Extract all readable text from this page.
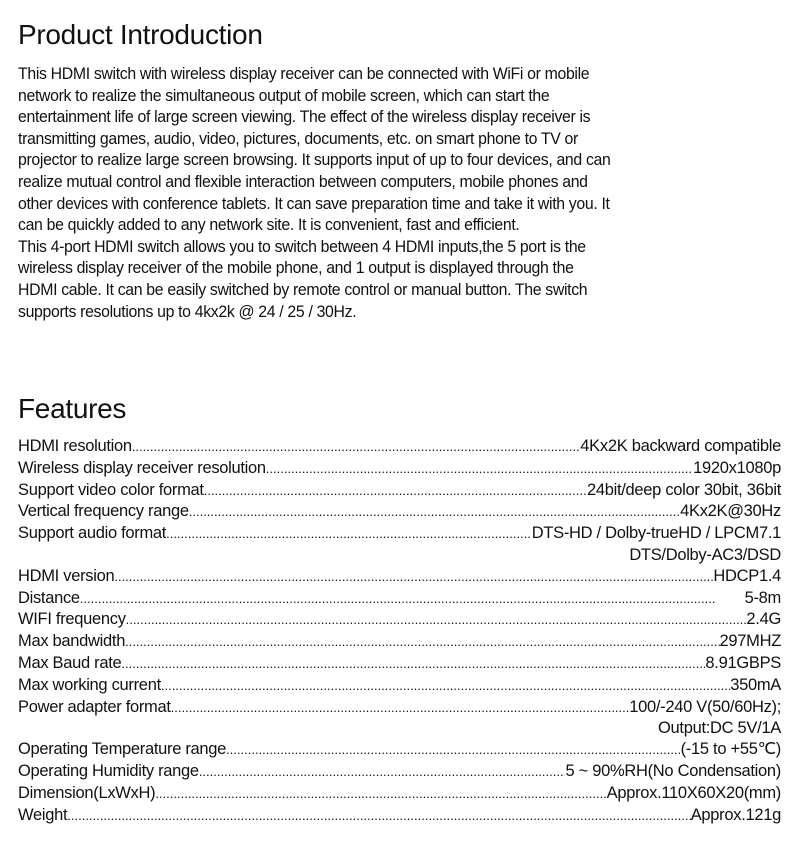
Product Introduction
This HDMI switch with wireless display receiver can be connected with WiFi or mobile
network to realize the simultaneous output of mobile screen, which can start the
entertainment life of large screen viewing. The effect of the wireless display receiver is
transmitting games, audio, video, pictures, documents, etc. on smart phone to TV or
projector to realize large screen browsing. It supports input of up to four devices, and can
realize mutual control and flexible interaction between computers, mobile phones and
other devices with conference tablets. It can save preparation time and take it with you. It
can be quickly added to any network site. It is convenient, fast and efficient.
This 4-port HDMI switch allows you to switch between 4 HDMI inputs,the 5 port is the
wireless display receiver of the mobile phone, and 1 output is displayed through the
HDMI cable. It can be easily switched by remote control or manual button. The switch
supports resolutions up to 4kx2k @ 24 / 25 / 30Hz.
Features
HDMI resolution .....	4Kx2K backward compatible
Wireless display receiver resolution .....	1920x1080p
Support video color format .....	24bit/deep color 30bit, 36bit
Vertical frequency range .....	4Kx2K@30Hz
Support audio format .....	DTS-HD / Dolby-trueHD / LPCM7.1
DTS/Dolby-AC3/DSD
HDMI version .....	HDCP1.4
Distance .....	5-8m
WIFI frequency .....	2.4G
Max bandwidth .....	297MHZ
Max Baud rate .....	8.91GBPS
Max working current .....	350mA
Power adapter format .....	100/-240 V(50/60Hz);
Output:DC 5V/1A
Operating Temperature range .....	(-15 to +55℃)
Operating Humidity range .....	5 ~ 90%RH(No Condensation)
Dimension(LxWxH) .....	Approx.110X60X20(mm)
Weight .....	Approx.121g
